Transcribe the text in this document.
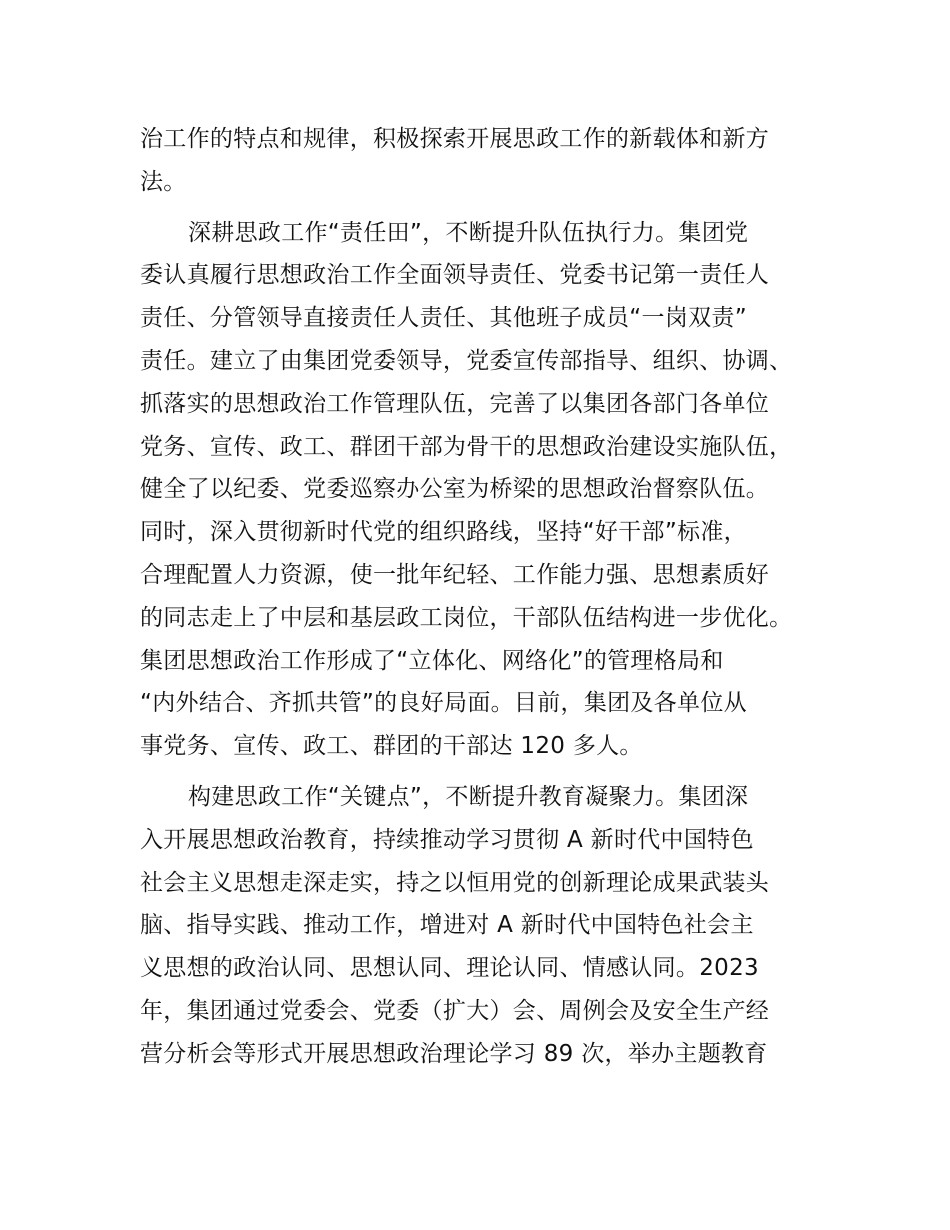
治工作的特点和规律，积极探索开展思政工作的新载体和新方
法。
深耕思政工作“责任田”，不断提升队伍执行力。集团党
委认真履行思想政治工作全面领导责任、党委书记第一责任人
责任、分管领导直接责任人责任、其他班子成员“一岗双责”
责任。建立了由集团党委领导，党委宣传部指导、组织、协调、
抓落实的思想政治工作管理队伍，完善了以集团各部门各单位
党务、宣传、政工、群团干部为骨干的思想政治建设实施队伍，
健全了以纪委、党委巡察办公室为桥梁的思想政治督察队伍。
同时，深入贯彻新时代党的组织路线，坚持“好干部”标准，
合理配置人力资源，使一批年纪轻、工作能力强、思想素质好
的同志走上了中层和基层政工岗位，干部队伍结构进一步优化。
集团思想政治工作形成了“立体化、网络化”的管理格局和
“内外结合、齐抓共管”的良好局面。目前，集团及各单位从
事党务、宣传、政工、群团的干部达 120 多人。
构建思政工作“关键点”，不断提升教育凝聚力。集团深
入开展思想政治教育，持续推动学习贯彻 A 新时代中国特色
社会主义思想走深走实，持之以恒用党的创新理论成果武装头
脑、指导实践、推动工作，增进对 A 新时代中国特色社会主
义思想的政治认同、思想认同、理论认同、情感认同。2023
年，集团通过党委会、党委（扩大）会、周例会及安全生产经
营分析会等形式开展思想政治理论学习 89 次，举办主题教育
